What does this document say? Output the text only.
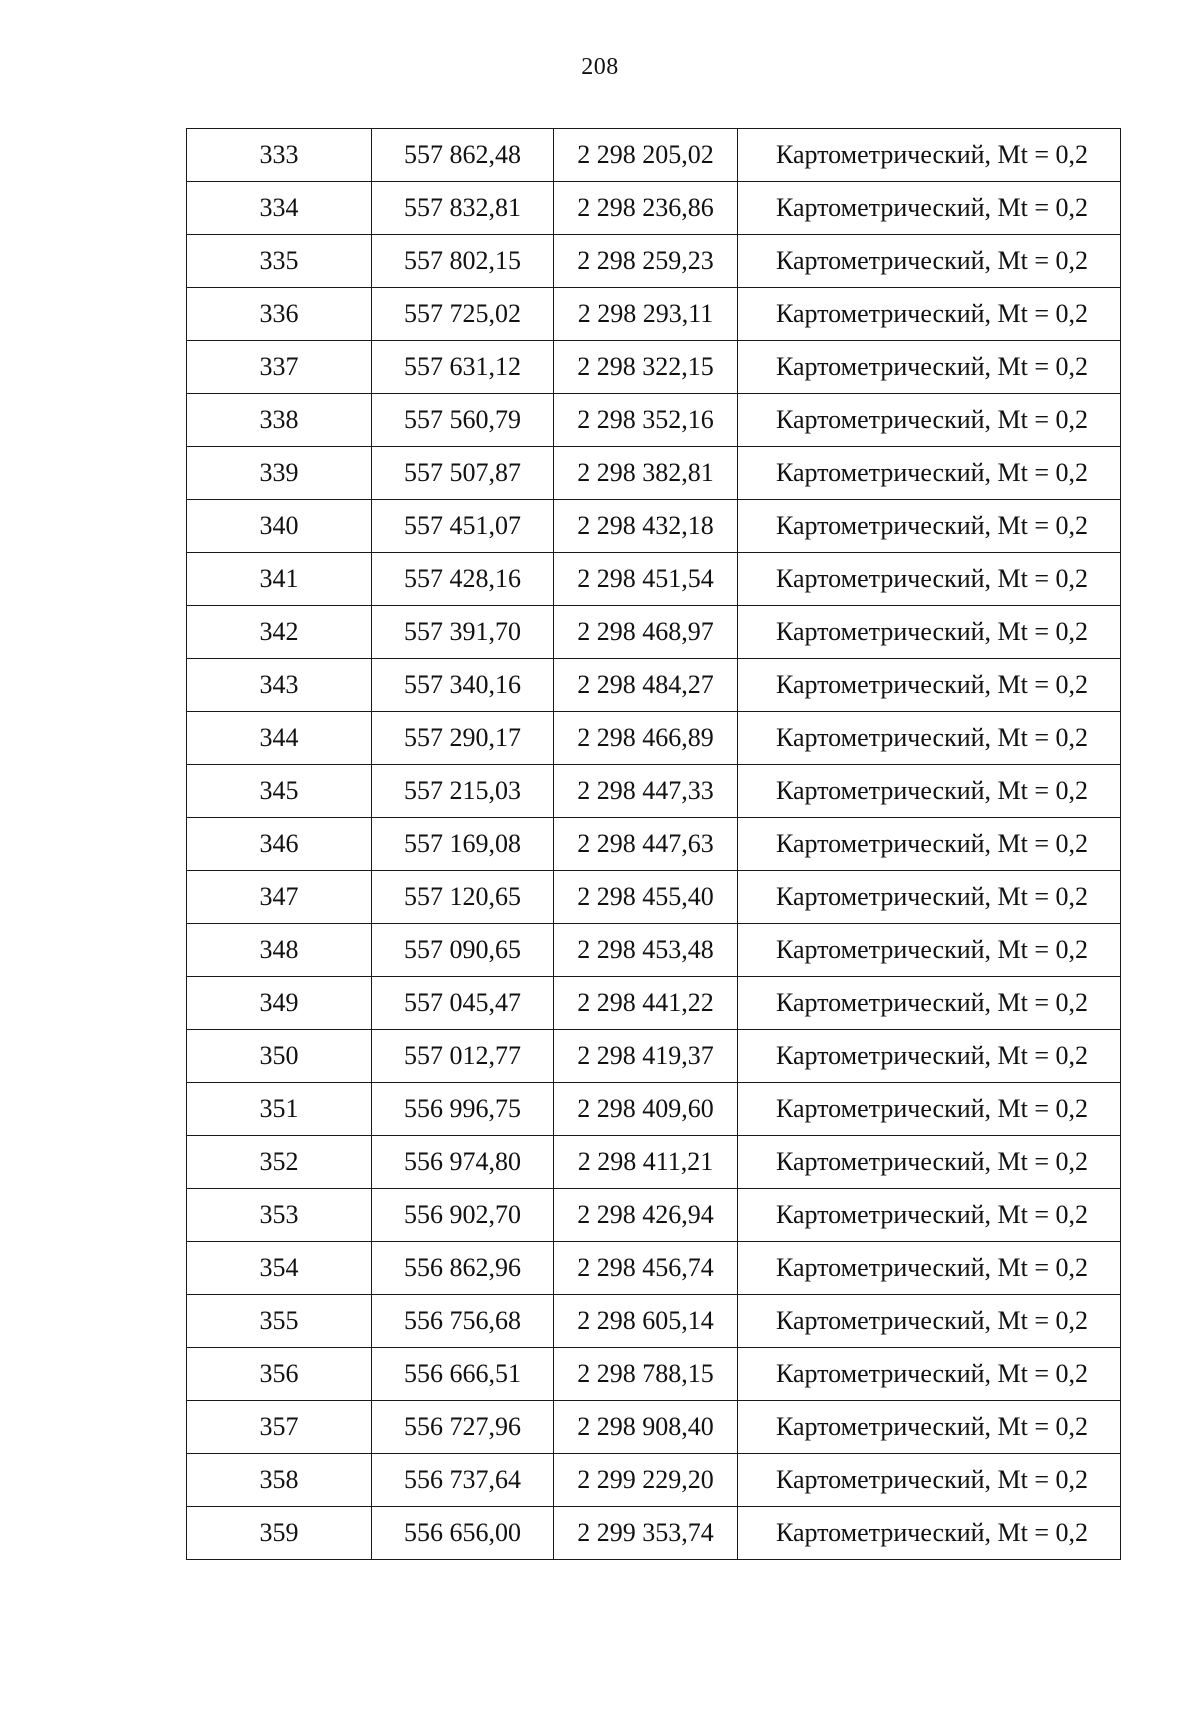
208
333	557 862,48	2 298 205,02	Картометрический, Mt = 0,2
334	557 832,81	2 298 236,86	Картометрический, Mt = 0,2
335	557 802,15	2 298 259,23	Картометрический, Mt = 0,2
336	557 725,02	2 298 293,11	Картометрический, Mt = 0,2
337	557 631,12	2 298 322,15	Картометрический, Mt = 0,2
338	557 560,79	2 298 352,16	Картометрический, Mt = 0,2
339	557 507,87	2 298 382,81	Картометрический, Mt = 0,2
340	557 451,07	2 298 432,18	Картометрический, Mt = 0,2
341	557 428,16	2 298 451,54	Картометрический, Mt = 0,2
342	557 391,70	2 298 468,97	Картометрический, Mt = 0,2
343	557 340,16	2 298 484,27	Картометрический, Mt = 0,2
344	557 290,17	2 298 466,89	Картометрический, Mt = 0,2
345	557 215,03	2 298 447,33	Картометрический, Mt = 0,2
346	557 169,08	2 298 447,63	Картометрический, Mt = 0,2
347	557 120,65	2 298 455,40	Картометрический, Mt = 0,2
348	557 090,65	2 298 453,48	Картометрический, Mt = 0,2
349	557 045,47	2 298 441,22	Картометрический, Mt = 0,2
350	557 012,77	2 298 419,37	Картометрический, Mt = 0,2
351	556 996,75	2 298 409,60	Картометрический, Mt = 0,2
352	556 974,80	2 298 411,21	Картометрический, Mt = 0,2
353	556 902,70	2 298 426,94	Картометрический, Mt = 0,2
354	556 862,96	2 298 456,74	Картометрический, Mt = 0,2
355	556 756,68	2 298 605,14	Картометрический, Mt = 0,2
356	556 666,51	2 298 788,15	Картометрический, Mt = 0,2
357	556 727,96	2 298 908,40	Картометрический, Mt = 0,2
358	556 737,64	2 299 229,20	Картометрический, Mt = 0,2
359	556 656,00	2 299 353,74	Картометрический, Mt = 0,2
